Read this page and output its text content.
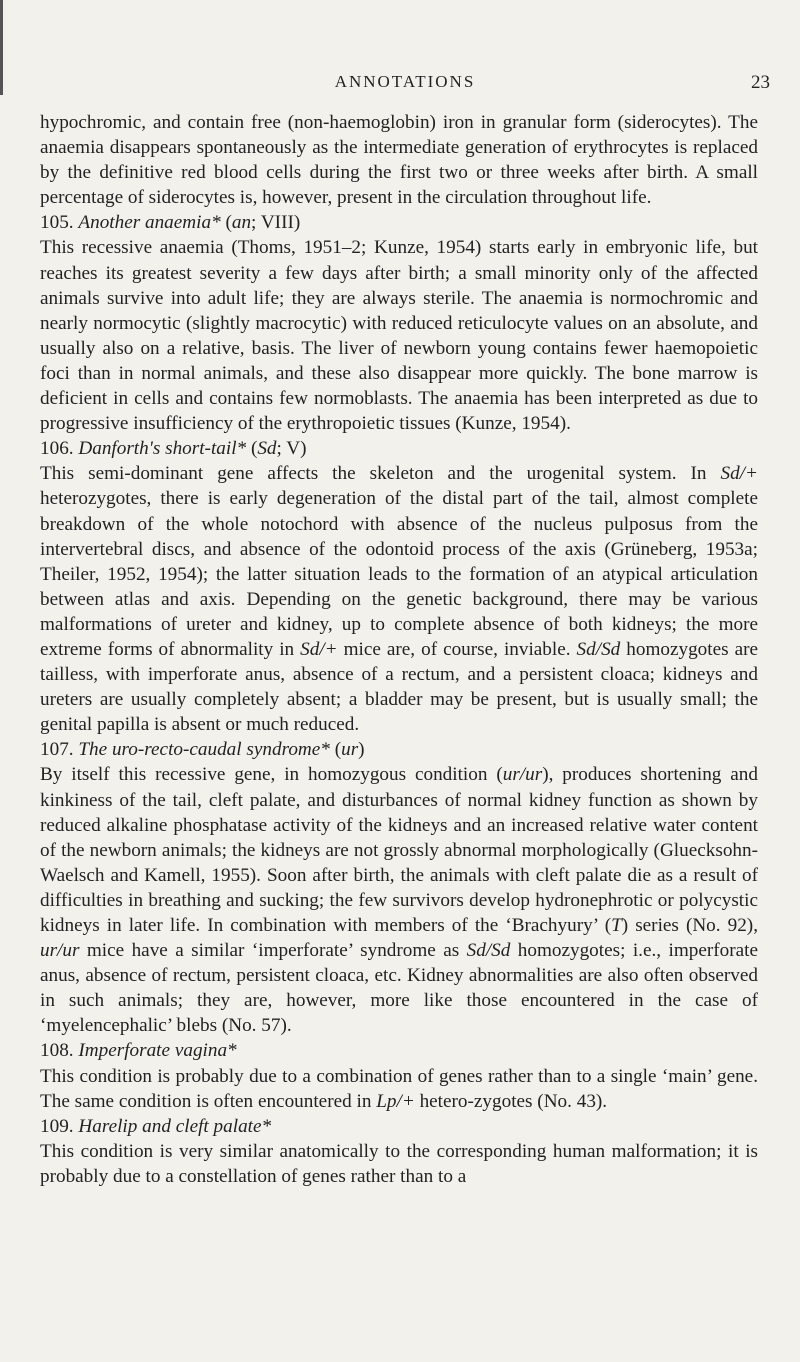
ANNOTATIONS	23

hypochromic, and contain free (non-haemoglobin) iron in granular form (siderocytes). The anaemia disappears spontaneously as the intermediate generation of erythrocytes is replaced by the definitive red blood cells during the first two or three weeks after birth. A small percentage of siderocytes is, however, present in the circulation throughout life.

105. Another anaemia* (an; VIII)

This recessive anaemia (Thoms, 1951–2; Kunze, 1954) starts early in embryonic life, but reaches its greatest severity a few days after birth; a small minority only of the affected animals survive into adult life; they are always sterile. The anaemia is normochromic and nearly normocytic (slightly macrocytic) with reduced reticulocyte values on an absolute, and usually also on a relative, basis. The liver of newborn young contains fewer haemopoietic foci than in normal animals, and these also disappear more quickly. The bone marrow is deficient in cells and contains few normoblasts. The anaemia has been interpreted as due to progressive insufficiency of the erythropoietic tissues (Kunze, 1954).

106. Danforth's short-tail* (Sd; V)

This semi-dominant gene affects the skeleton and the urogenital system. In Sd/+ heterozygotes, there is early degeneration of the distal part of the tail, almost complete breakdown of the whole notochord with absence of the nucleus pulposus from the intervertebral discs, and absence of the odontoid process of the axis (Grüneberg, 1953a; Theiler, 1952, 1954); the latter situation leads to the formation of an atypical articulation between atlas and axis. Depending on the genetic background, there may be various malformations of ureter and kidney, up to complete absence of both kidneys; the more extreme forms of abnormality in Sd/+ mice are, of course, inviable. Sd/Sd homozygotes are tailless, with imperforate anus, absence of a rectum, and a persistent cloaca; kidneys and ureters are usually completely absent; a bladder may be present, but is usually small; the genital papilla is absent or much reduced.

107. The uro-recto-caudal syndrome* (ur)

By itself this recessive gene, in homozygous condition (ur/ur), produces shortening and kinkiness of the tail, cleft palate, and disturbances of normal kidney function as shown by reduced alkaline phosphatase activity of the kidneys and an increased relative water content of the newborn animals; the kidneys are not grossly abnormal morphologically (Gluecksohn-Waelsch and Kamell, 1955). Soon after birth, the animals with cleft palate die as a result of difficulties in breathing and sucking; the few survivors develop hydronephrotic or polycystic kidneys in later life. In combination with members of the ‘Brachyury’ (T) series (No. 92), ur/ur mice have a similar ‘imperforate’ syndrome as Sd/Sd homozygotes; i.e., imperforate anus, absence of rectum, persistent cloaca, etc. Kidney abnormalities are also often observed in such animals; they are, however, more like those encountered in the case of ‘myelencephalic’ blebs (No. 57).

108. Imperforate vagina*

This condition is probably due to a combination of genes rather than to a single ‘main’ gene. The same condition is often encountered in Lp/+ hetero-zygotes (No. 43).

109. Harelip and cleft palate*

This condition is very similar anatomically to the corresponding human malformation; it is probably due to a constellation of genes rather than to a
